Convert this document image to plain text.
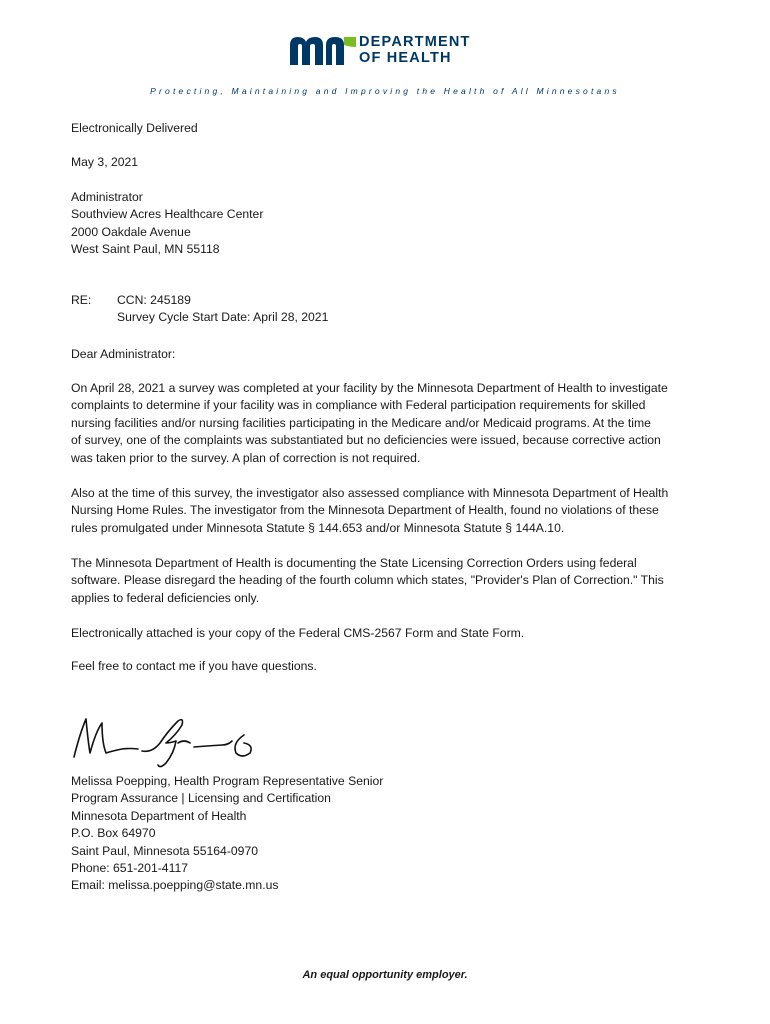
DEPARTMENT
OF HEALTH
Protecting, Maintaining and Improving the Health of All Minnesotans
Electronically Delivered
May 3, 2021
Administrator
Southview Acres Healthcare Center
2000 Oakdale Avenue
West Saint Paul, MN 55118
RE: CCN: 245189
Survey Cycle Start Date: April 28, 2021
Dear Administrator:
On April 28, 2021 a survey was completed at your facility by the Minnesota Department of Health to investigate
complaints to determine if your facility was in compliance with Federal participation requirements for skilled
nursing facilities and/or nursing facilities participating in the Medicare and/or Medicaid programs. At the time
of survey, one of the complaints was substantiated but no deficiencies were issued, because corrective action
was taken prior to the survey. A plan of correction is not required.
Also at the time of this survey, the investigator also assessed compliance with Minnesota Department of Health
Nursing Home Rules. The investigator from the Minnesota Department of Health, found no violations of these
rules promulgated under Minnesota Statute § 144.653 and/or Minnesota Statute § 144A.10.
The Minnesota Department of Health is documenting the State Licensing Correction Orders using federal
software. Please disregard the heading of the fourth column which states, "Provider's Plan of Correction." This
applies to federal deficiencies only.
Electronically attached is your copy of the Federal CMS-2567 Form and State Form.
Feel free to contact me if you have questions.
Melissa Poepping, Health Program Representative Senior
Program Assurance | Licensing and Certification
Minnesota Department of Health
P.O. Box 64970
Saint Paul, Minnesota 55164-0970
Phone: 651-201-4117
Email: melissa.poepping@state.mn.us
An equal opportunity employer.
